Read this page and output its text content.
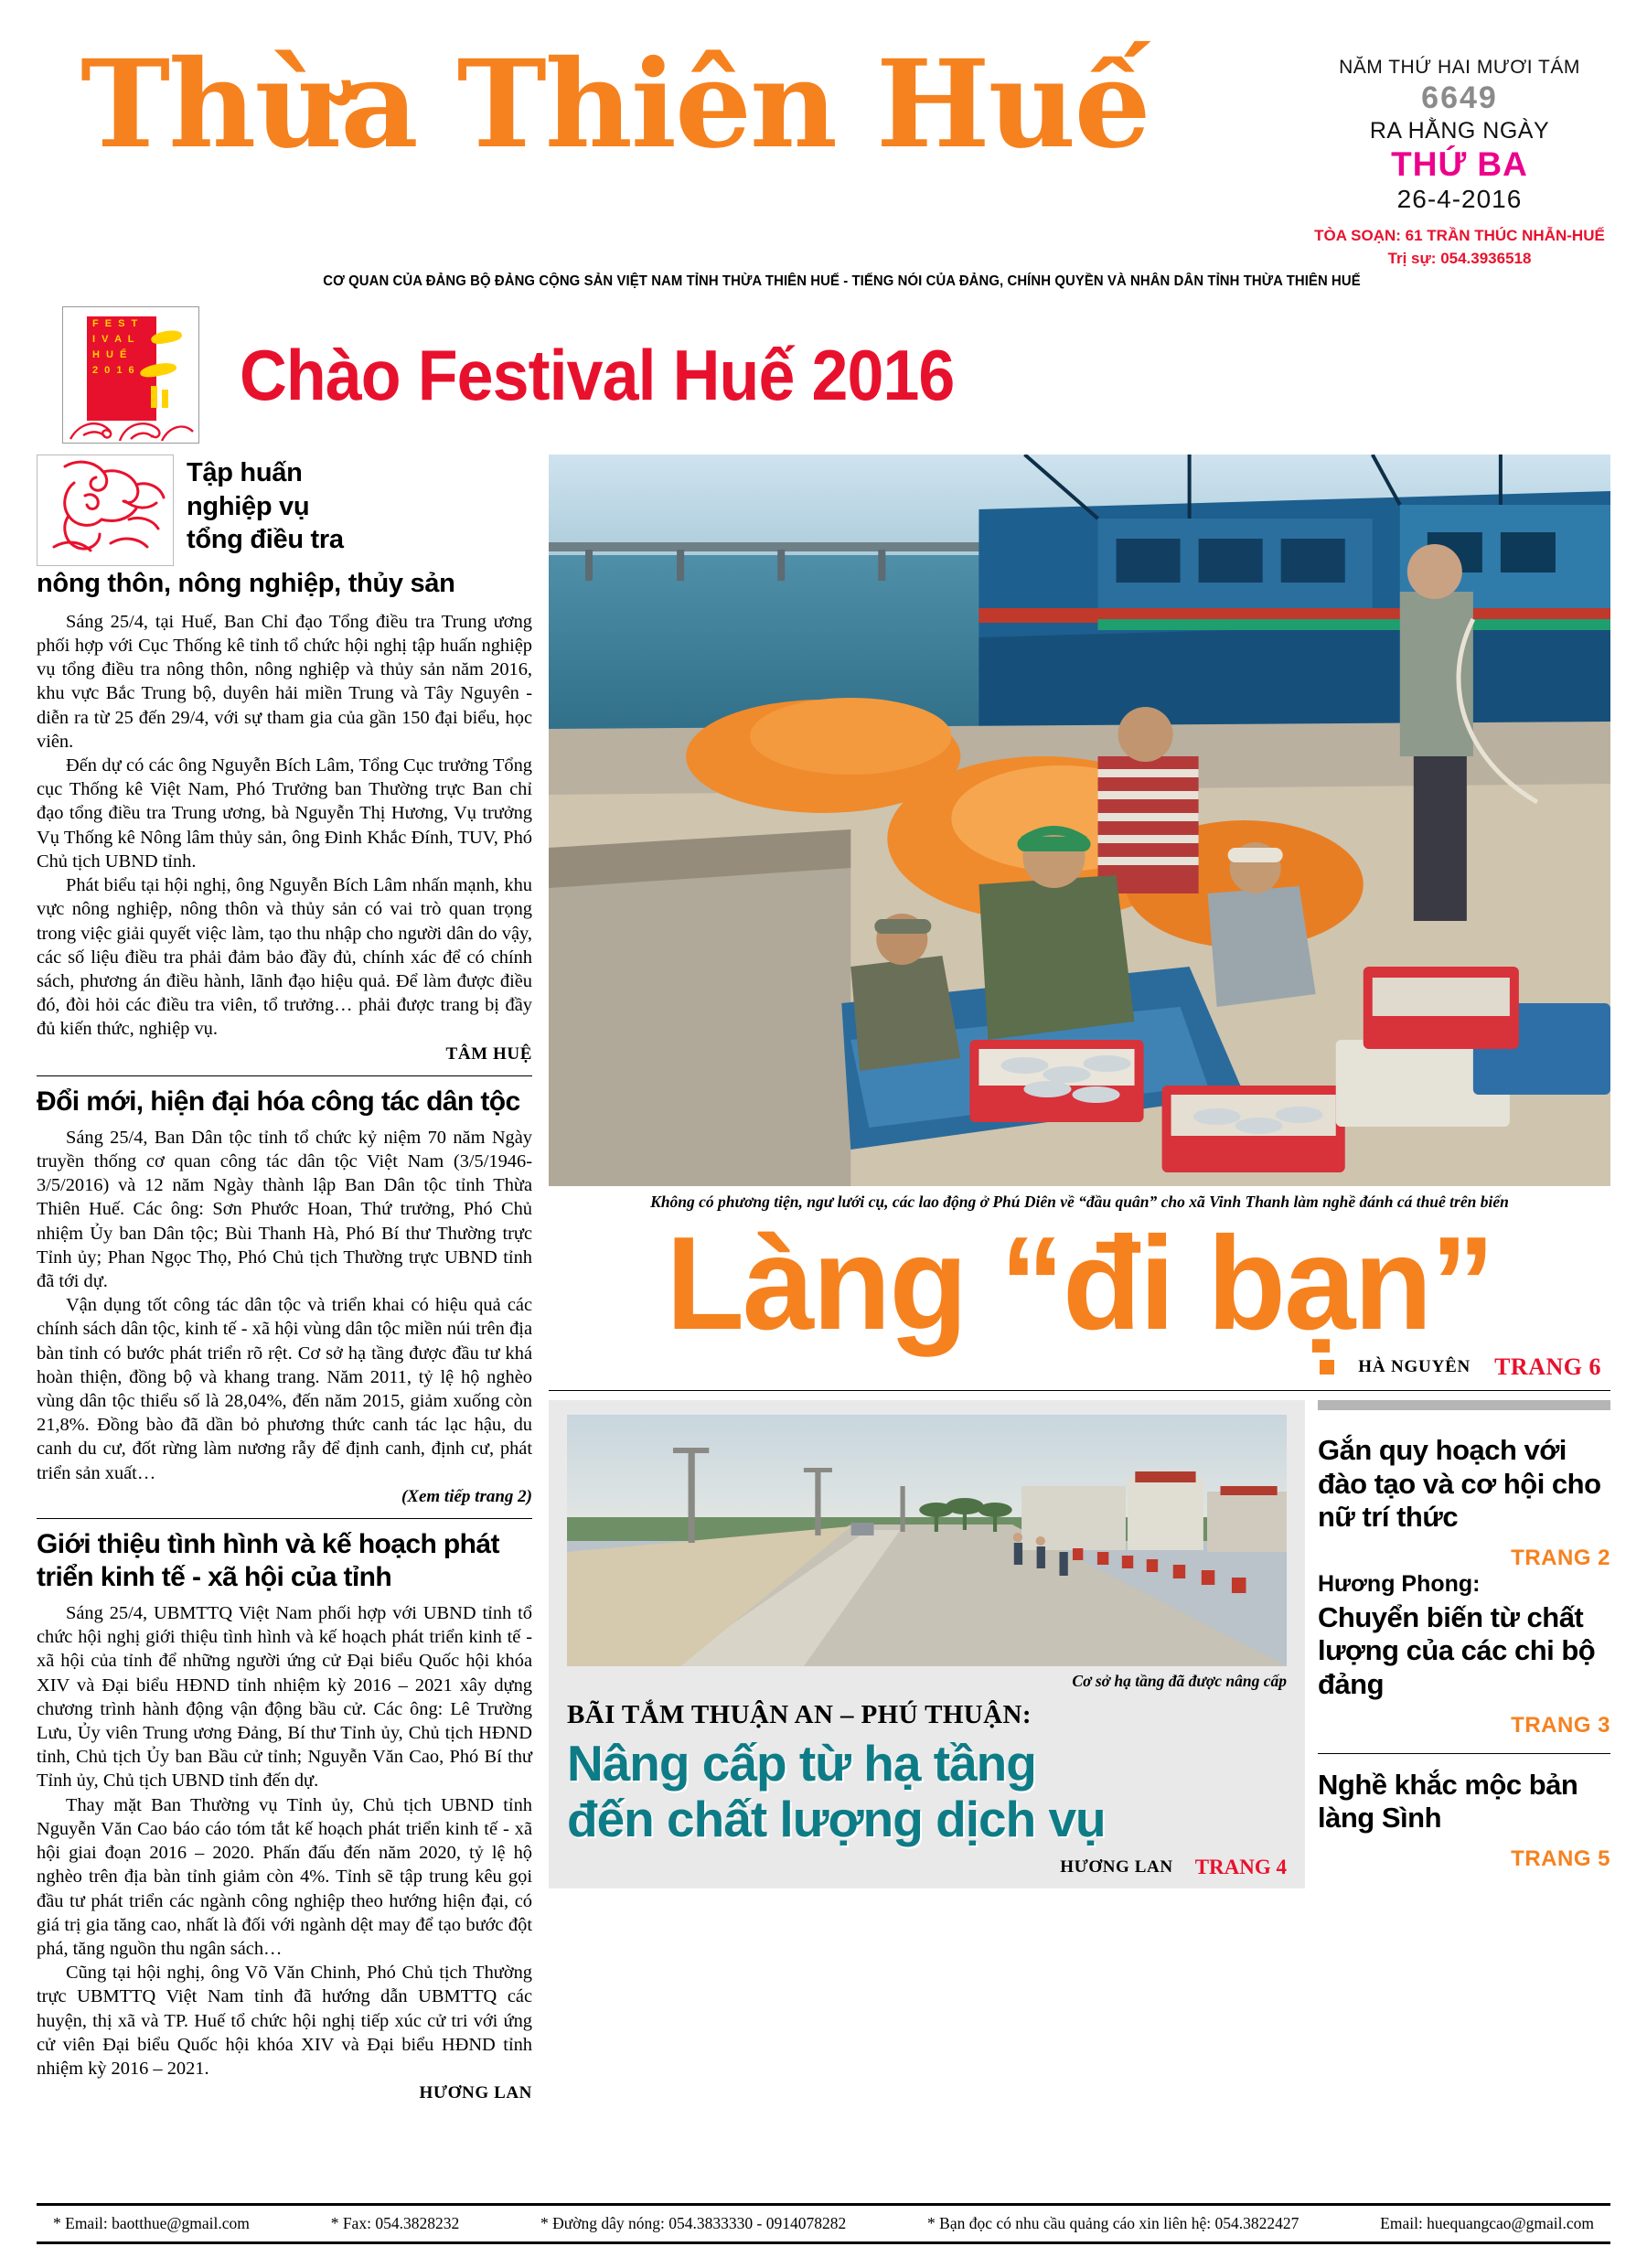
Thừa Thiên Huế	NĂM THỨ HAI MƯƠI TÁM
6649
RA HẰNG NGÀY
THỨ BA
26-4-2016
TÒA SOẠN: 61 TRẦN THÚC NHẪN-HUẾ
Trị sự: 054.3936518
CƠ QUAN CỦA ĐẢNG BỘ ĐẢNG CỘNG SẢN VIỆT NAM TỈNH THỪA THIÊN HUẾ - TIẾNG NÓI CỦA ĐẢNG, CHÍNH QUYỀN VÀ NHÂN DÂN TỈNH THỪA THIÊN HUẾ
F E S T
I V A L
H U Ế
2 0 1 6 Chào Festival Huế 2016
Tập huấn
nghiệp vụ
tổng điều tra
nông thôn, nông nghiệp, thủy sản

Sáng 25/4, tại Huế, Ban Chỉ đạo Tổng điều tra Trung ương phối hợp với Cục Thống kê tỉnh tổ chức hội nghị tập huấn nghiệp vụ tổng điều tra nông thôn, nông nghiệp và thủy sản năm 2016, khu vực Bắc Trung bộ, duyên hải miền Trung và Tây Nguyên - diễn ra từ 25 đến 29/4, với sự tham gia của gần 150 đại biểu, học viên.

Đến dự có các ông Nguyễn Bích Lâm, Tổng Cục trưởng Tổng cục Thống kê Việt Nam, Phó Trưởng ban Thường trực Ban chỉ đạo tổng điều tra Trung ương, bà Nguyễn Thị Hương, Vụ trưởng Vụ Thống kê Nông lâm thủy sản, ông Đinh Khắc Đính, TUV, Phó Chủ tịch UBND tỉnh.

Phát biểu tại hội nghị, ông Nguyễn Bích Lâm nhấn mạnh, khu vực nông nghiệp, nông thôn và thủy sản có vai trò quan trọng trong việc giải quyết việc làm, tạo thu nhập cho người dân do vậy, các số liệu điều tra phải đảm bảo đầy đủ, chính xác để có chính sách, phương án điều hành, lãnh đạo hiệu quả. Để làm được điều đó, đòi hỏi các điều tra viên, tổ trưởng… phải được trang bị đầy đủ kiến thức, nghiệp vụ.

TÂM HUỆ
Đổi mới, hiện đại hóa công tác dân tộc

Sáng 25/4, Ban Dân tộc tỉnh tổ chức kỷ niệm 70 năm Ngày truyền thống cơ quan công tác dân tộc Việt Nam (3/5/1946-3/5/2016) và 12 năm Ngày thành lập Ban Dân tộc tỉnh Thừa Thiên Huế. Các ông: Sơn Phước Hoan, Thứ trưởng, Phó Chủ nhiệm Ủy ban Dân tộc; Bùi Thanh Hà, Phó Bí thư Thường trực Tỉnh ủy; Phan Ngọc Thọ, Phó Chủ tịch Thường trực UBND tỉnh đã tới dự.

Vận dụng tốt công tác dân tộc và triển khai có hiệu quả các chính sách dân tộc, kinh tế - xã hội vùng dân tộc miền núi trên địa bàn tỉnh có bước phát triển rõ rệt. Cơ sở hạ tầng được đầu tư khá hoàn thiện, đồng bộ và khang trang. Năm 2011, tỷ lệ hộ nghèo vùng dân tộc thiểu số là 28,04%, đến năm 2015, giảm xuống còn 21,8%. Đồng bào đã dần bỏ phương thức canh tác lạc hậu, du canh du cư, đốt rừng làm nương rẫy để định canh, định cư, phát triển sản xuất…

(Xem tiếp trang 2)
Giới thiệu tình hình và kế hoạch phát triển kinh tế - xã hội của tỉnh

Sáng 25/4, UBMTTQ Việt Nam phối hợp với UBND tỉnh tổ chức hội nghị giới thiệu tình hình và kế hoạch phát triển kinh tế - xã hội của tỉnh để những người ứng cử Đại biểu Quốc hội khóa XIV và Đại biểu HĐND tỉnh nhiệm kỳ 2016 – 2021 xây dựng chương trình hành động vận động bầu cử. Các ông: Lê Trường Lưu, Ủy viên Trung ương Đảng, Bí thư Tỉnh ủy, Chủ tịch HĐND tỉnh, Chủ tịch Ủy ban Bầu cử tỉnh; Nguyễn Văn Cao, Phó Bí thư Tỉnh ủy, Chủ tịch UBND tỉnh đến dự.

Thay mặt Ban Thường vụ Tỉnh ủy, Chủ tịch UBND tỉnh Nguyễn Văn Cao báo cáo tóm tắt kế hoạch phát triển kinh tế - xã hội giai đoạn 2016 – 2020. Phấn đấu đến năm 2020, tỷ lệ hộ nghèo trên địa bàn tỉnh giảm còn 4%. Tỉnh sẽ tập trung kêu gọi đầu tư phát triển các ngành công nghiệp theo hướng hiện đại, có giá trị gia tăng cao, nhất là đối với ngành dệt may để tạo bước đột phá, tăng nguồn thu ngân sách…

Cũng tại hội nghị, ông Võ Văn Chinh, Phó Chủ tịch Thường trực UBMTTQ Việt Nam tỉnh đã hướng dẫn UBMTTQ các huyện, thị xã và TP. Huế tổ chức hội nghị tiếp xúc cử tri với ứng cử viên Đại biểu Quốc hội khóa XIV và Đại biểu HĐND tỉnh nhiệm kỳ 2016 – 2021.

HƯƠNG LAN
Không có phương tiện, ngư lưới cụ, các lao động ở Phú Diên về “đầu quân” cho xã Vinh Thanh làm nghề đánh cá thuê trên biển
Làng “đi bạn”
HÀ NGUYÊN TRANG 6
Cơ sở hạ tầng đã được nâng cấp
BÃI TẮM THUẬN AN – PHÚ THUẬN:
Nâng cấp từ hạ tầng
đến chất lượng dịch vụ
HƯƠNG LAN TRANG 4
Gắn quy hoạch với đào tạo và cơ hội cho nữ trí thức
TRANG 2
Hương Phong:
Chuyển biến từ chất lượng của các chi bộ đảng
TRANG 3
Nghề khắc mộc bản làng Sình
TRANG 5
* Email: baotthue@gmail.com	* Fax: 054.3828232	* Đường dây nóng: 054.3833330 - 0914078282	* Bạn đọc có nhu cầu quảng cáo xin liên hệ: 054.3822427	Email: huequangcao@gmail.com
